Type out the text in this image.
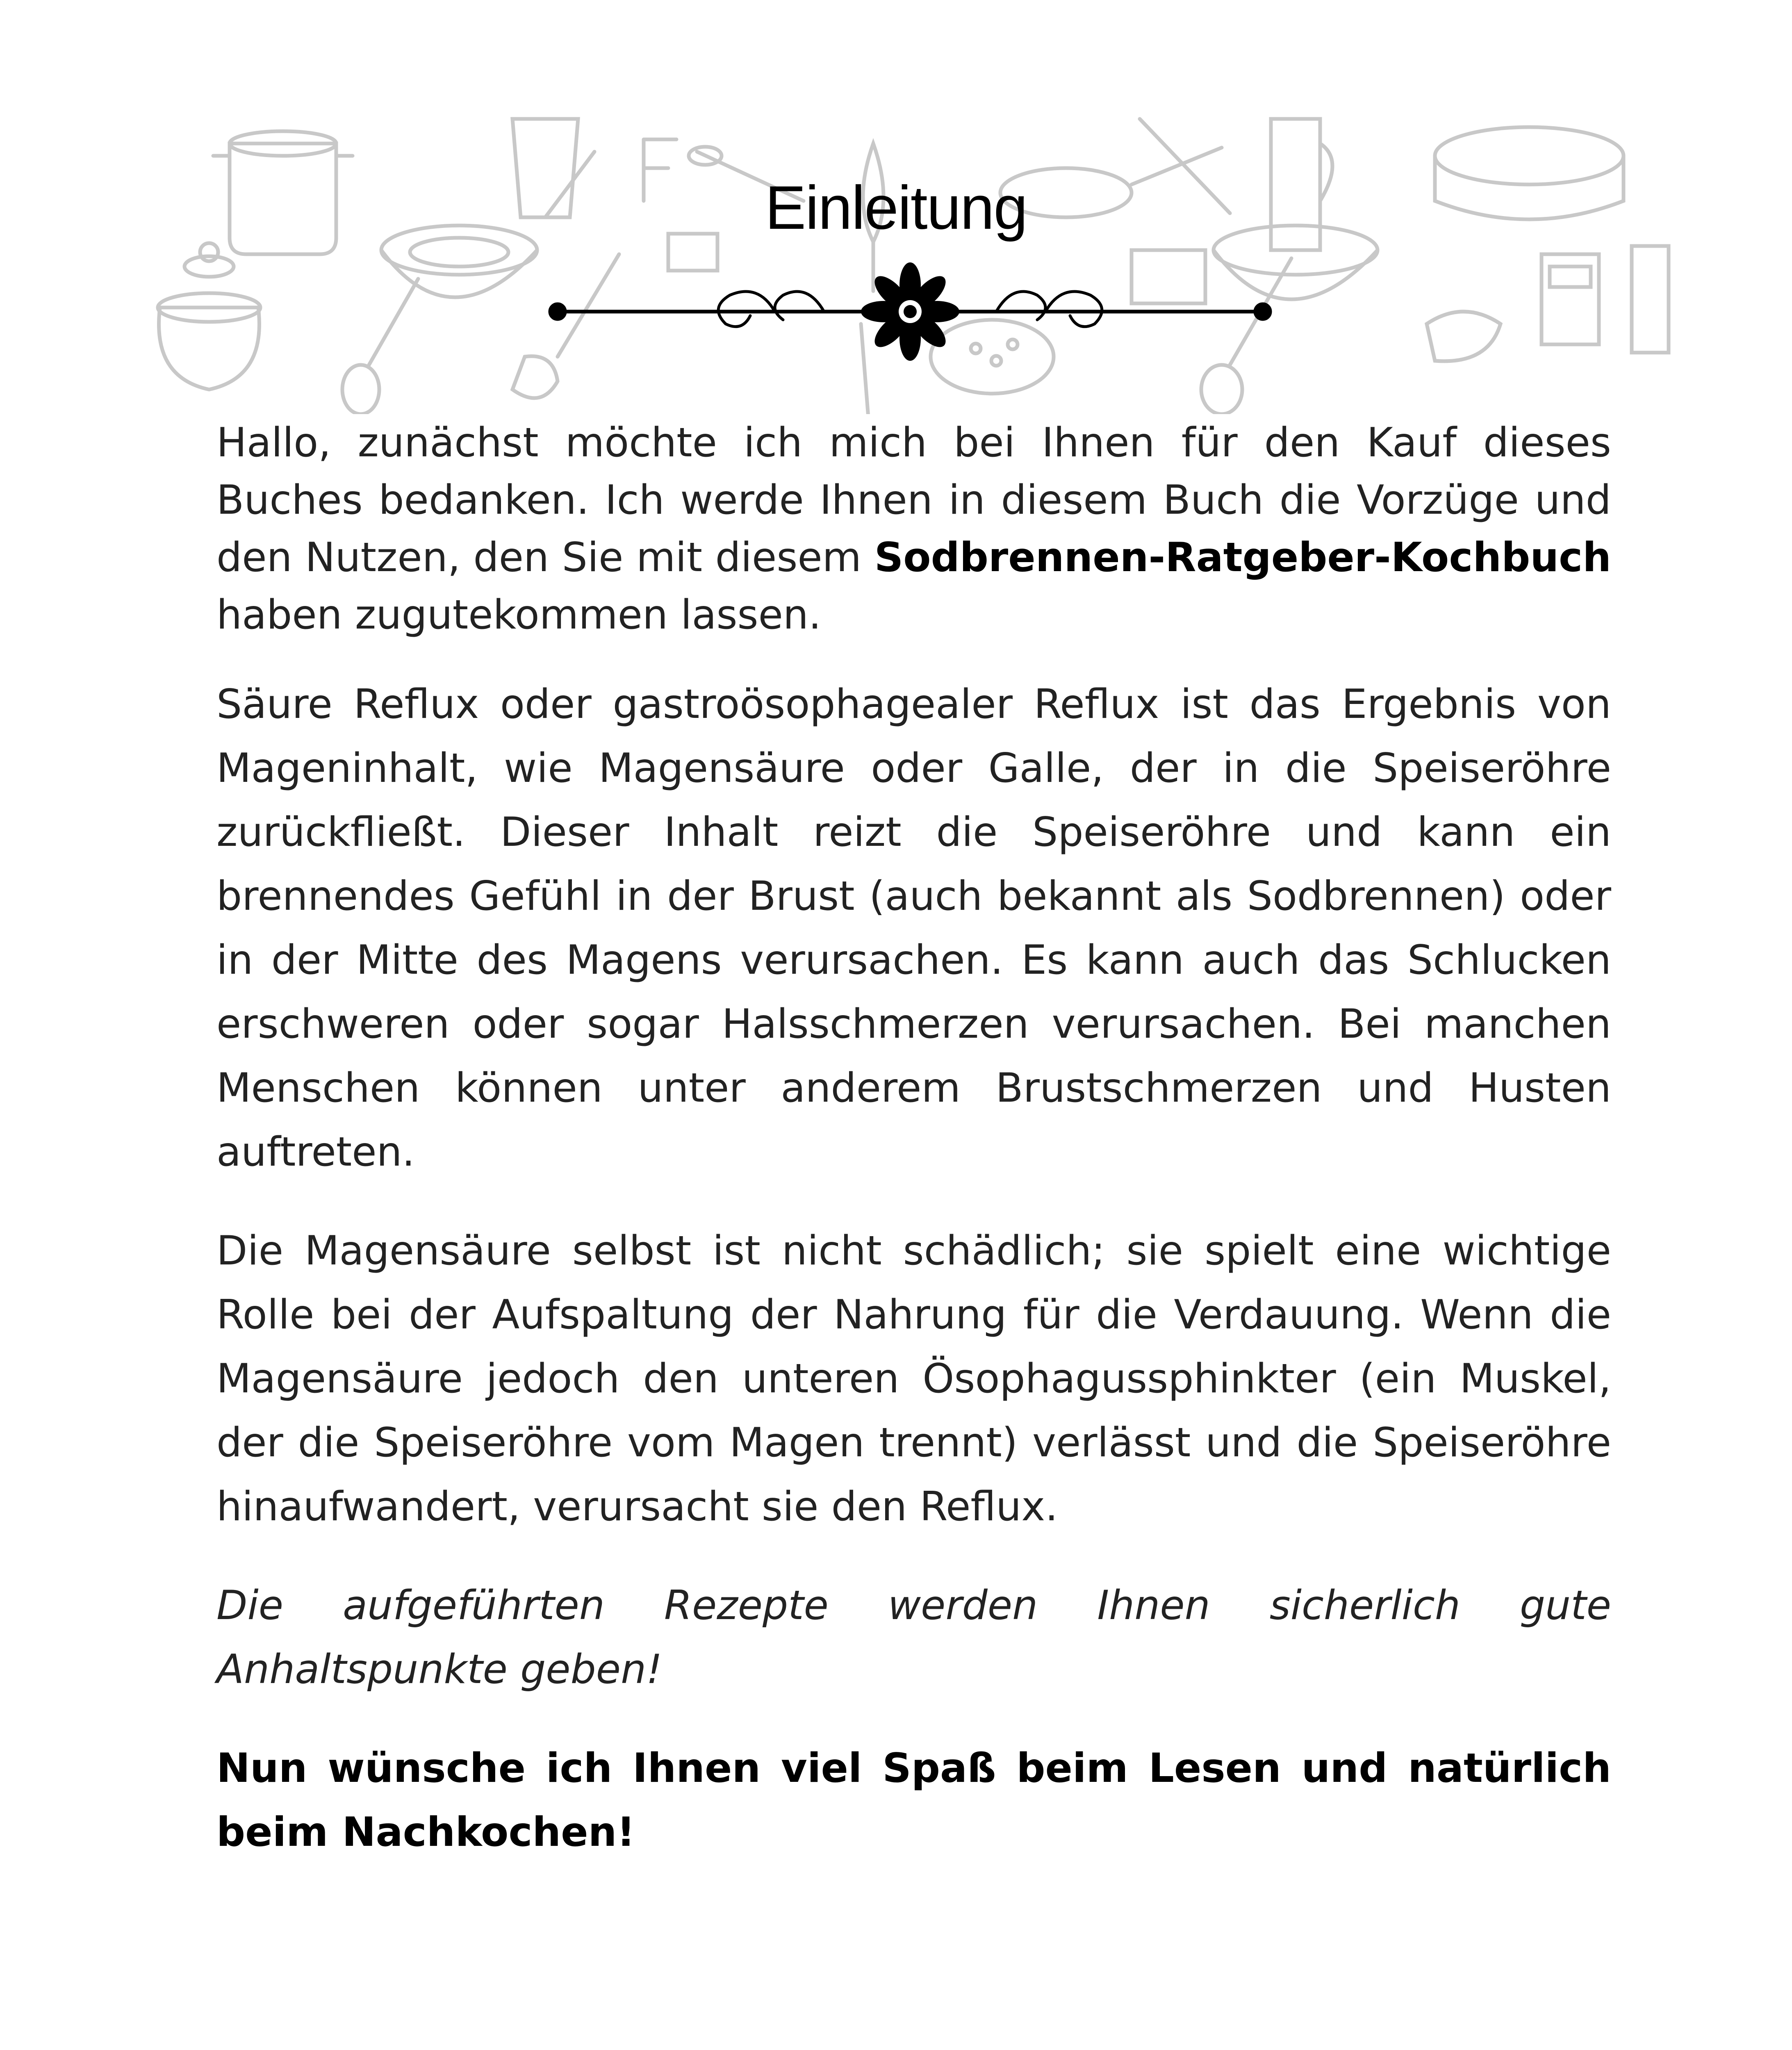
Einleitung

Hallo, zunächst möchte ich mich bei Ihnen für den Kauf dieses Buches bedanken. Ich werde Ihnen in diesem Buch die Vorzüge und den Nutzen, den Sie mit diesem Sodbrennen-Ratgeber-Kochbuch haben zugutekommen lassen.

Säure Reflux oder gastroösophagealer Reflux ist das Ergebnis von Mageninhalt, wie Magensäure oder Galle, der in die Speiseröhre zurückfließt. Dieser Inhalt reizt die Speiseröhre und kann ein brennendes Gefühl in der Brust (auch bekannt als Sodbrennen) oder in der Mitte des Magens verursachen. Es kann auch das Schlucken erschweren oder sogar Halsschmerzen verursachen. Bei manchen Menschen können unter anderem Brustschmerzen und Husten auftreten.

Die Magensäure selbst ist nicht schädlich; sie spielt eine wichtige Rolle bei der Aufspaltung der Nahrung für die Verdauung. Wenn die Magensäure jedoch den unteren Ösophagussphinkter (ein Muskel, der die Speiseröhre vom Magen trennt) verlässt und die Speiseröhre hinaufwandert, verursacht sie den Reflux.

Die aufgeführten Rezepte werden Ihnen sicherlich gute Anhaltspunkte geben!

Nun wünsche ich Ihnen viel Spaß beim Lesen und natürlich beim Nachkochen!
